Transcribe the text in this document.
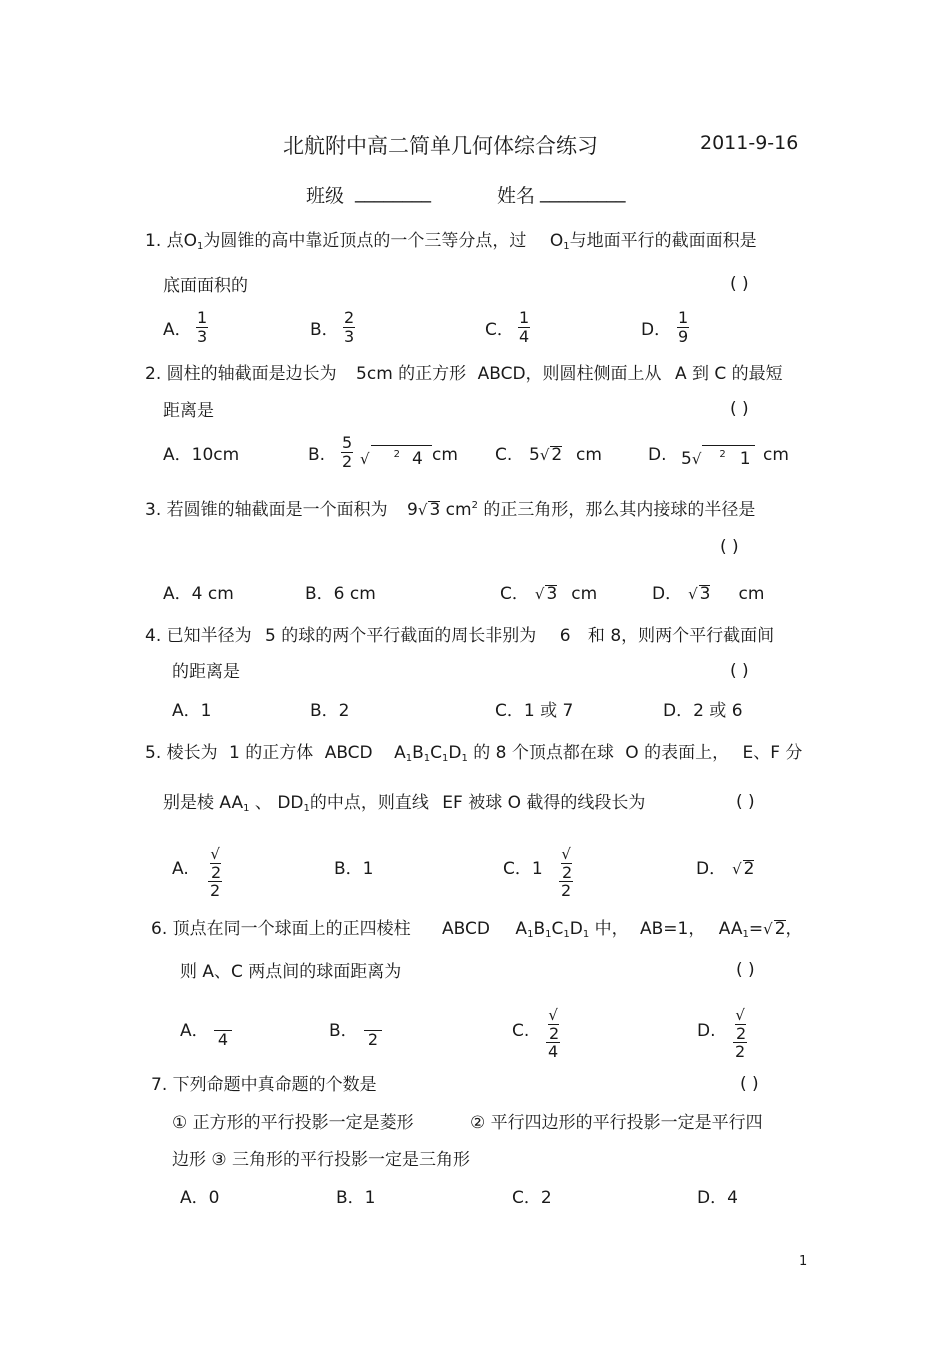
北航附中高二简单几何体综合练习	2011-9-16
班级 ________	姓名 _________
1. 点$O_1$为圆锥的高中靠近顶点的一个三等分点，过 $O_1$与地面平行的截面面积是
底面面积的	( )
A． $\frac{1}{3}$	B． $\frac{2}{3}$	C． $\frac{1}{4}$	D． $\frac{1}{9}$
2. 圆柱的轴截面是边长为 5cm 的正方形 ABCD，则圆柱侧面上从 A 到 C 的最短
距离是	( )
A．10cm	B. $\frac{5}{2}$ √ $^2$ 4 cm C. 5√ 2 cm	D. 5√ $^2$ 1 cm
3. 若圆锥的轴截面是一个面积为 9√ 3 $cm^2$ 的正三角形，那么其内接球的半径是
( )
A．4 cm	B．6 cm	C． √ 3 cm	D． √ 3 cm
4. 已知半径为 5 的球的两个平行截面的周长非别为 6 和 8，则两个平行截面间
的距离是	( )
A．1	B．2	C．1 或 7	D．2 或 6
5. 棱长为 1 的正方体 ABCD $A_1B_1C_1D_1$ 的 8 个顶点都在球 O 的表面上， E、F 分
别是棱 $AA_1$ 、 $DD_1$的中点，则直线 EF 被球 O 截得的线段长为	( )
A. √
2
2	B．1	C．1 √
2
2	D． √ 2
6. 顶点在同一个球面上的正四棱柱 ABCD $A_1B_1C_1D_1$ 中， AB=1， $AA_1=√$ 2，
则 A、C 两点间的球面距离为	( )
A． 4	B． 2	C. √
2
4	D. √
2
2
7. 下列命题中真命题的个数是	( )
① 正方形的平行投影一定是菱形	② 平行四边形的平行投影一定是平行四
边形 ③ 三角形的平行投影一定是三角形
A．0	B．1	C．2	D．4
1
